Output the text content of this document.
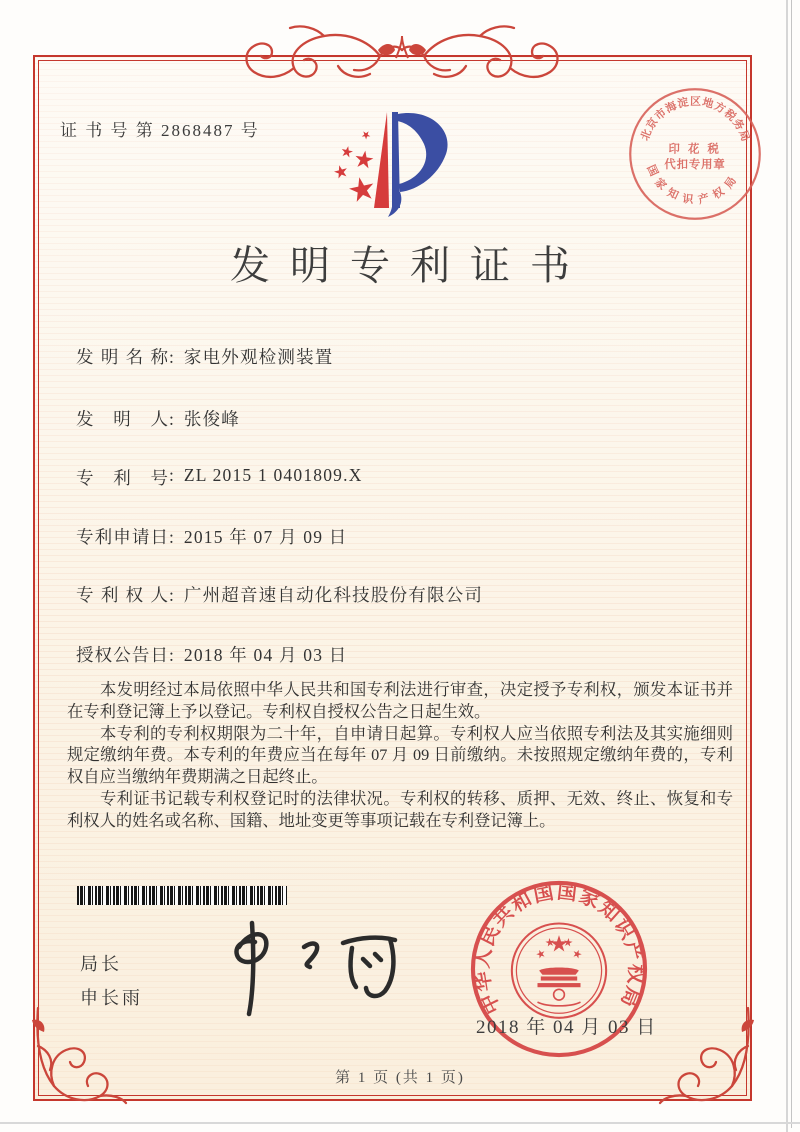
证 书 号 第 2868487 号	北京市海淀区地方税务局
印 花 税
代扣专用章
国家知识产权局
发明专利证书
发明名称: 家电外观检测装置
发明人: 张俊峰
专利号: ZL 2015 1 0401809.X
专利申请日: 2015 年 07 月 09 日
专利权人: 广州超音速自动化科技股份有限公司
授权公告日: 2018 年 04 月 03 日

本发明经过本局依照中华人民共和国专利法进行审查，决定授予专利权，颁发本证书并在专利登记簿上予以登记。专利权自授权公告之日起生效。

本专利的专利权期限为二十年，自申请日起算。专利权人应当依照专利法及其实施细则规定缴纳年费。本专利的年费应当在每年 07 月 09 日前缴纳。未按照规定缴纳年费的，专利权自应当缴纳年费期满之日起终止。

专利证书记载专利权登记时的法律状况。专利权的转移、质押、无效、终止、恢复和专利权人的姓名或名称、国籍、地址变更等事项记载在专利登记簿上。

局长
申长雨	中华人民共和国国家知识产权局
2018 年 04 月 03 日
第 1 页 (共 1 页)
